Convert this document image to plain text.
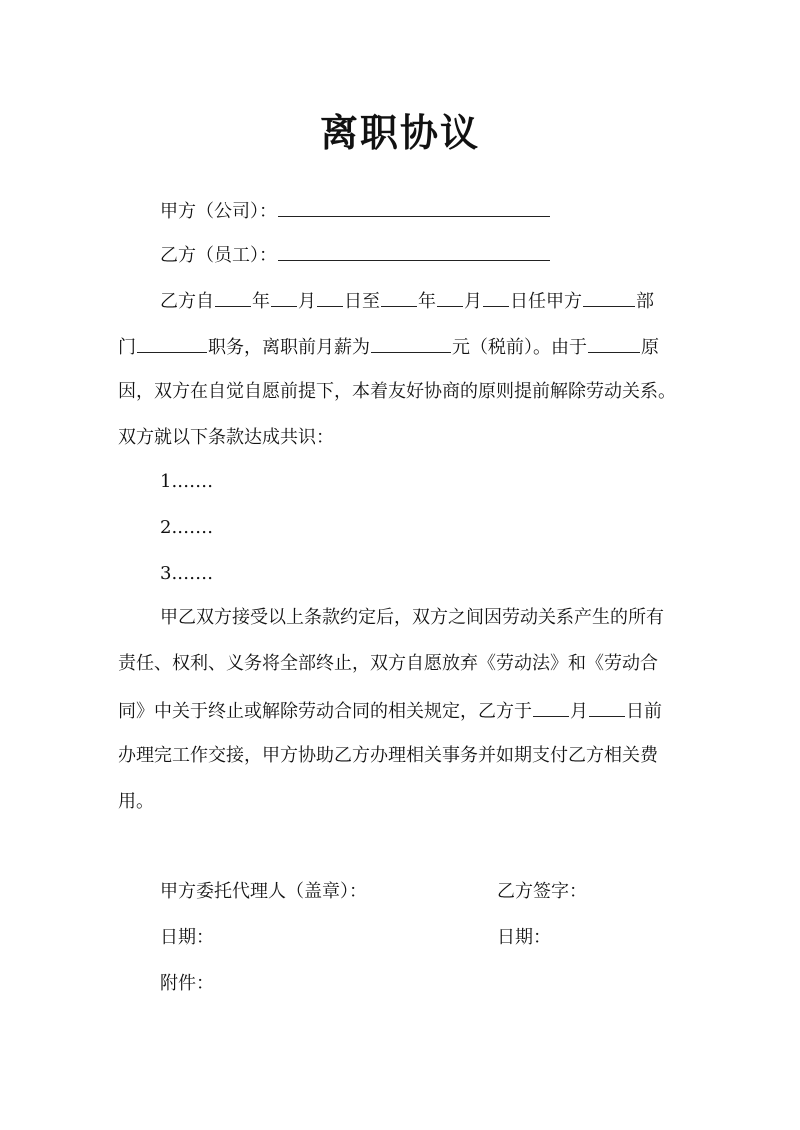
离职协议
甲方（公司）：
乙方（员工）：
乙方自 年 月 日至 年 月 日任甲方	部
门	职务，离职前月薪为	元（税前）。由于	原
因，双方在自觉自愿前提下，本着友好协商的原则提前解除劳动关系。
双方就以下条款达成共识：
1.……
2.……
3.……
甲乙双方接受以上条款约定后，双方之间因劳动关系产生的所有
责任、权利、义务将全部终止，双方自愿放弃《劳动法》和《劳动合
同》中关于终止或解除劳动合同的相关规定，乙方于 月 日前
办理完工作交接，甲方协助乙方办理相关事务并如期支付乙方相关费
用。
甲方委托代理人（盖章）：	乙方签字：
日期：	日期：
附件：
